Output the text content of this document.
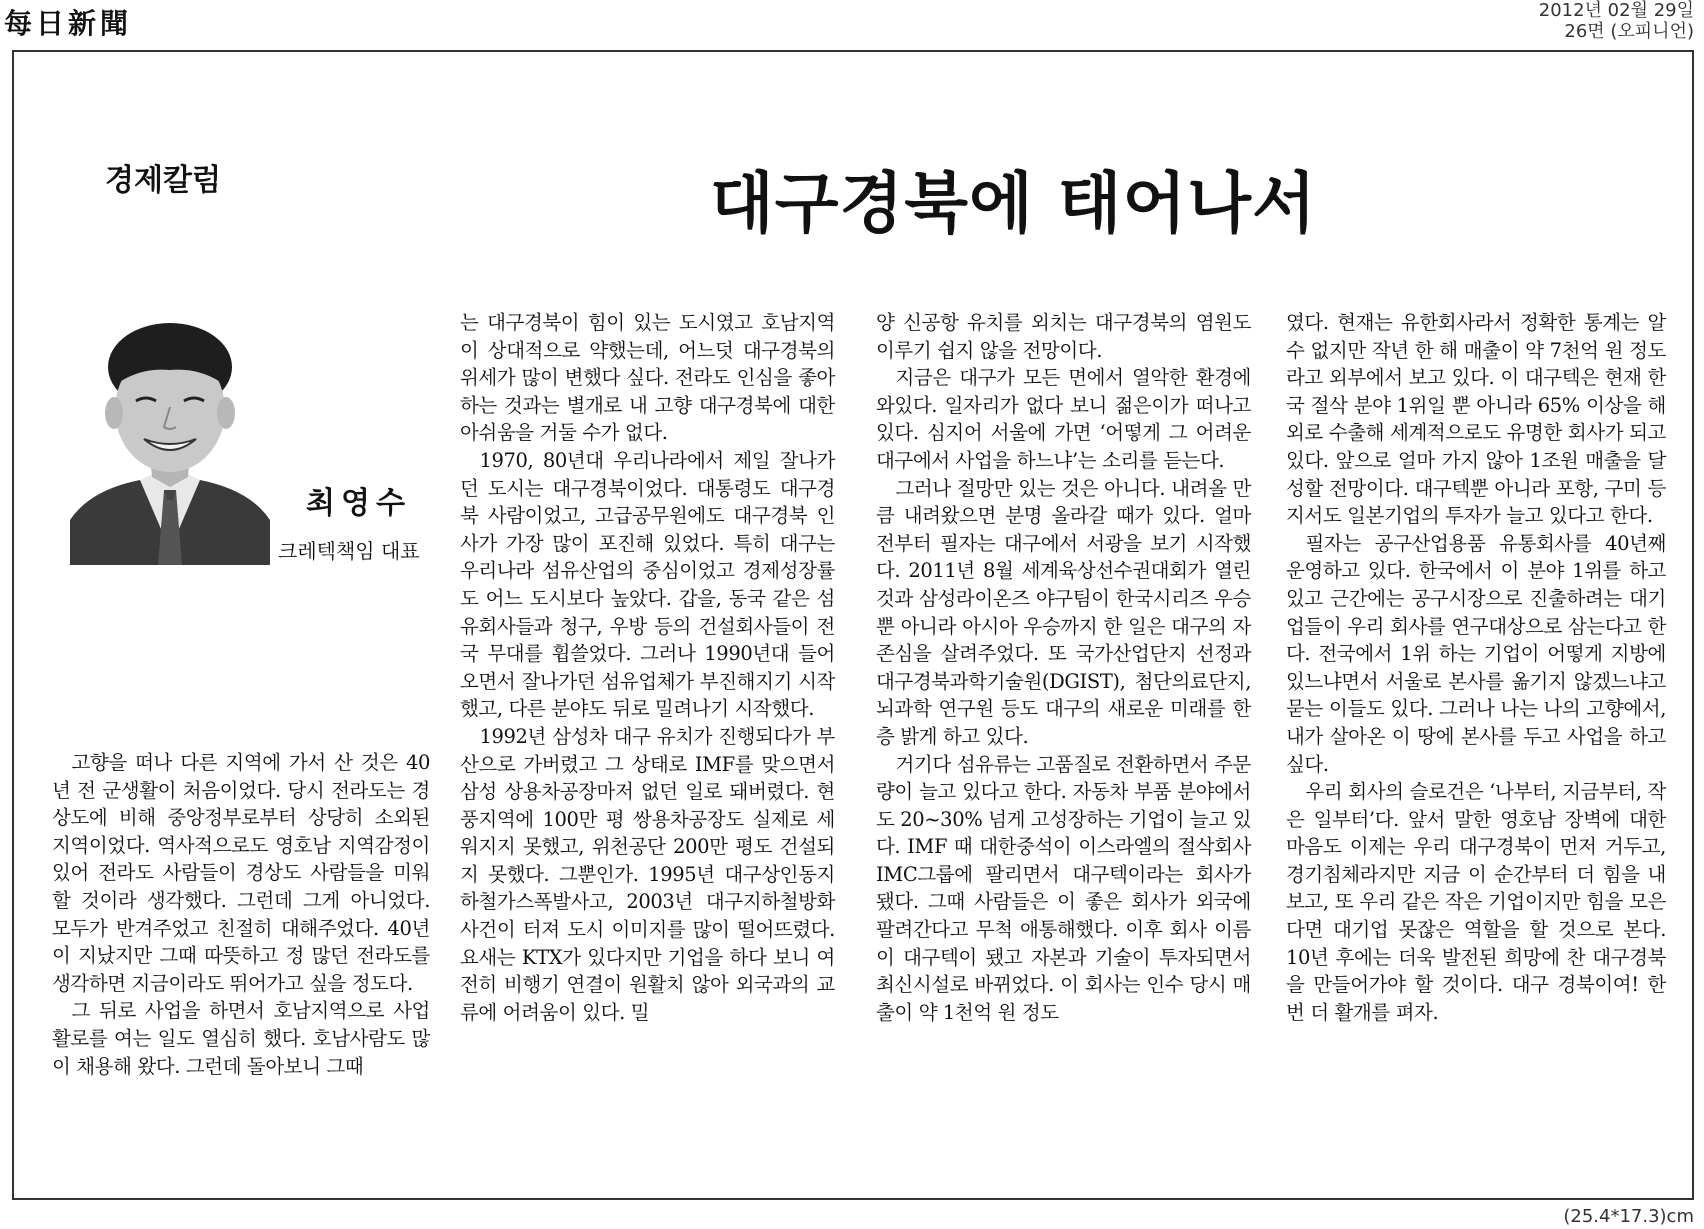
每日新聞	2012년 02월 29일
26면 (오피니언)
경제칼럼	대구경북에 태어나서
최영수
크레텍책임 대표

고향을 떠나 다른 지역에 가서 산 것은 40년 전 군생활이 처음이었다. 당시 전라도는 경상도에 비해 중앙정부로부터 상당히 소외된 지역이었다. 역사적으로도 영호남 지역감정이 있어 전라도 사람들이 경상도 사람들을 미워할 것이라 생각했다. 그런데 그게 아니었다. 모두가 반겨주었고 친절히 대해주었다. 40년이 지났지만 그때 따뜻하고 정 많던 전라도를 생각하면 지금이라도 뛰어가고 싶을 정도다.

그 뒤로 사업을 하면서 호남지역으로 사업 활로를 여는 일도 열심히 했다. 호남사람도 많이 채용해 왔다. 그런데 돌아보니 그때

는 대구경북이 힘이 있는 도시였고 호남지역이 상대적으로 약했는데, 어느덧 대구경북의 위세가 많이 변했다 싶다. 전라도 인심을 좋아하는 것과는 별개로 내 고향 대구경북에 대한 아쉬움을 거둘 수가 없다.

1970, 80년대 우리나라에서 제일 잘나가던 도시는 대구경북이었다. 대통령도 대구경북 사람이었고, 고급공무원에도 대구경북 인사가 가장 많이 포진해 있었다. 특히 대구는 우리나라 섬유산업의 중심이었고 경제성장률도 어느 도시보다 높았다. 갑을, 동국 같은 섬유회사들과 청구, 우방 등의 건설회사들이 전국 무대를 휩쓸었다. 그러나 1990년대 들어오면서 잘나가던 섬유업체가 부진해지기 시작했고, 다른 분야도 뒤로 밀려나기 시작했다.

1992년 삼성차 대구 유치가 진행되다가 부산으로 가버렸고 그 상태로 IMF를 맞으면서 삼성 상용차공장마저 없던 일로 돼버렸다. 현풍지역에 100만 평 쌍용차공장도 실제로 세워지지 못했고, 위천공단 200만 평도 건설되지 못했다. 그뿐인가. 1995년 대구상인동지하철가스폭발사고, 2003년 대구지하철방화사건이 터져 도시 이미지를 많이 떨어뜨렸다. 요새는 KTX가 있다지만 기업을 하다 보니 여전히 비행기 연결이 원활치 않아 외국과의 교류에 어려움이 있다. 밀

양 신공항 유치를 외치는 대구경북의 염원도 이루기 쉽지 않을 전망이다.

지금은 대구가 모든 면에서 열악한 환경에 와있다. 일자리가 없다 보니 젊은이가 떠나고 있다. 심지어 서울에 가면 ‘어떻게 그 어려운 대구에서 사업을 하느냐’는 소리를 듣는다.

그러나 절망만 있는 것은 아니다. 내려올 만큼 내려왔으면 분명 올라갈 때가 있다. 얼마 전부터 필자는 대구에서 서광을 보기 시작했다. 2011년 8월 세계육상선수권대회가 열린 것과 삼성라이온즈 야구팀이 한국시리즈 우승뿐 아니라 아시아 우승까지 한 일은 대구의 자존심을 살려주었다. 또 국가산업단지 선정과 대구경북과학기술원(DGIST), 첨단의료단지, 뇌과학 연구원 등도 대구의 새로운 미래를 한층 밝게 하고 있다.

거기다 섬유류는 고품질로 전환하면서 주문량이 늘고 있다고 한다. 자동차 부품 분야에서도 20~30% 넘게 고성장하는 기업이 늘고 있다. IMF 때 대한중석이 이스라엘의 절삭회사 IMC그룹에 팔리면서 대구텍이라는 회사가 됐다. 그때 사람들은 이 좋은 회사가 외국에 팔려간다고 무척 애통해했다. 이후 회사 이름이 대구텍이 됐고 자본과 기술이 투자되면서 최신시설로 바뀌었다. 이 회사는 인수 당시 매출이 약 1천억 원 정도

였다. 현재는 유한회사라서 정확한 통계는 알 수 없지만 작년 한 해 매출이 약 7천억 원 정도라고 외부에서 보고 있다. 이 대구텍은 현재 한국 절삭 분야 1위일 뿐 아니라 65% 이상을 해외로 수출해 세계적으로도 유명한 회사가 되고 있다. 앞으로 얼마 가지 않아 1조원 매출을 달성할 전망이다. 대구텍뿐 아니라 포항, 구미 등지서도 일본기업의 투자가 늘고 있다고 한다.

필자는 공구산업용품 유통회사를 40년째 운영하고 있다. 한국에서 이 분야 1위를 하고 있고 근간에는 공구시장으로 진출하려는 대기업들이 우리 회사를 연구대상으로 삼는다고 한다. 전국에서 1위 하는 기업이 어떻게 지방에 있느냐면서 서울로 본사를 옮기지 않겠느냐고 묻는 이들도 있다. 그러나 나는 나의 고향에서, 내가 살아온 이 땅에 본사를 두고 사업을 하고 싶다.

우리 회사의 슬로건은 ‘나부터, 지금부터, 작은 일부터’다. 앞서 말한 영호남 장벽에 대한 마음도 이제는 우리 대구경북이 먼저 거두고, 경기침체라지만 지금 이 순간부터 더 힘을 내보고, 또 우리 같은 작은 기업이지만 힘을 모은다면 대기업 못잖은 역할을 할 것으로 본다. 10년 후에는 더욱 발전된 희망에 찬 대구경북을 만들어가야 할 것이다. 대구 경북이여! 한 번 더 활개를 펴자.

(25.4*17.3)cm
